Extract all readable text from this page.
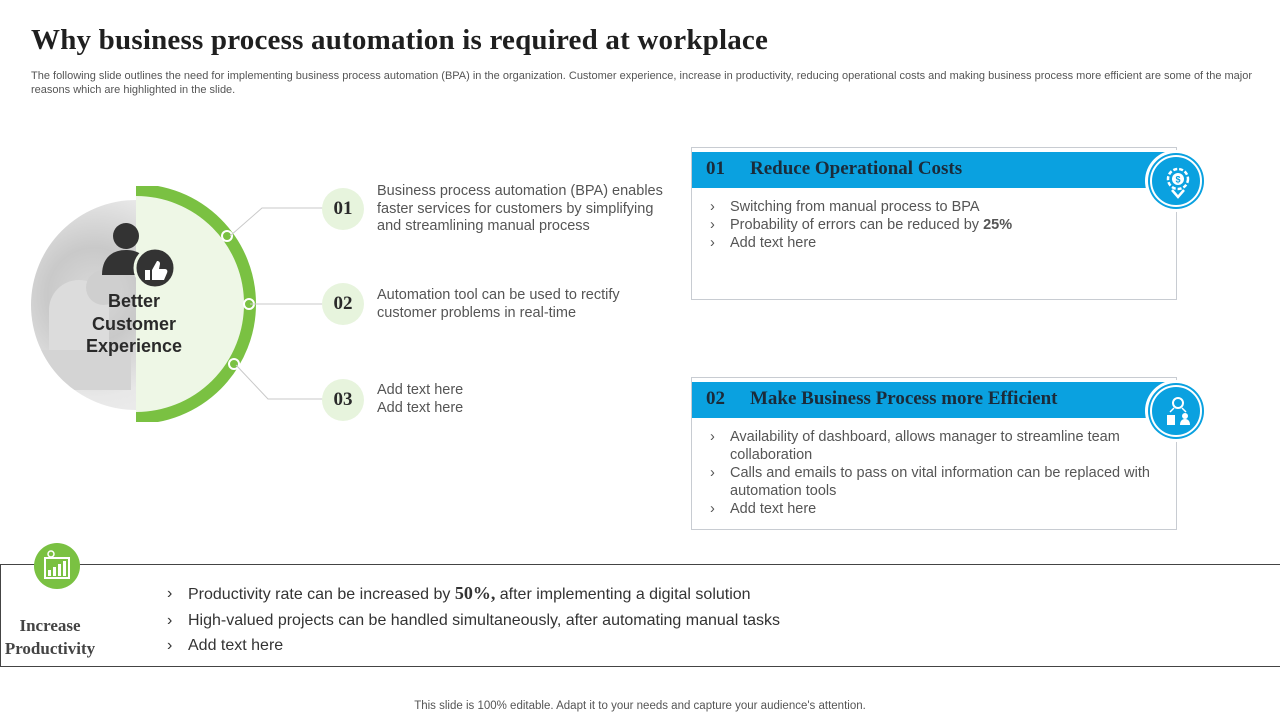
Why business process automation is required at workplace
The following slide outlines the need for implementing business process automation (BPA) in the organization. Customer experience, increase in productivity, reducing operational costs and making business process more efficient are some of the major reasons which are highlighted in the slide.
Better
Customer
Experience
01
Business process automation (BPA) enables faster services for customers by simplifying and streamlining manual process
02	Automation tool can be used to rectify customer problems in real-time
03	Add text here
Add text here
01 Reduce Operational Costs
› Switching from manual process to BPA
› Probability of errors can be reduced by 25%
› Add text here
$
02 Make Business Process more Efficient
› Availability of dashboard, allows manager to streamline team collaboration
› Calls and emails to pass on vital information can be replaced with automation tools
› Add text here
› Productivity rate can be increased by 50%, after implementing a digital solution
› High-valued projects can be handled simultaneously, after automating manual tasks
› Add text here
Increase
Productivity
This slide is 100% editable. Adapt it to your needs and capture your audience's attention.
